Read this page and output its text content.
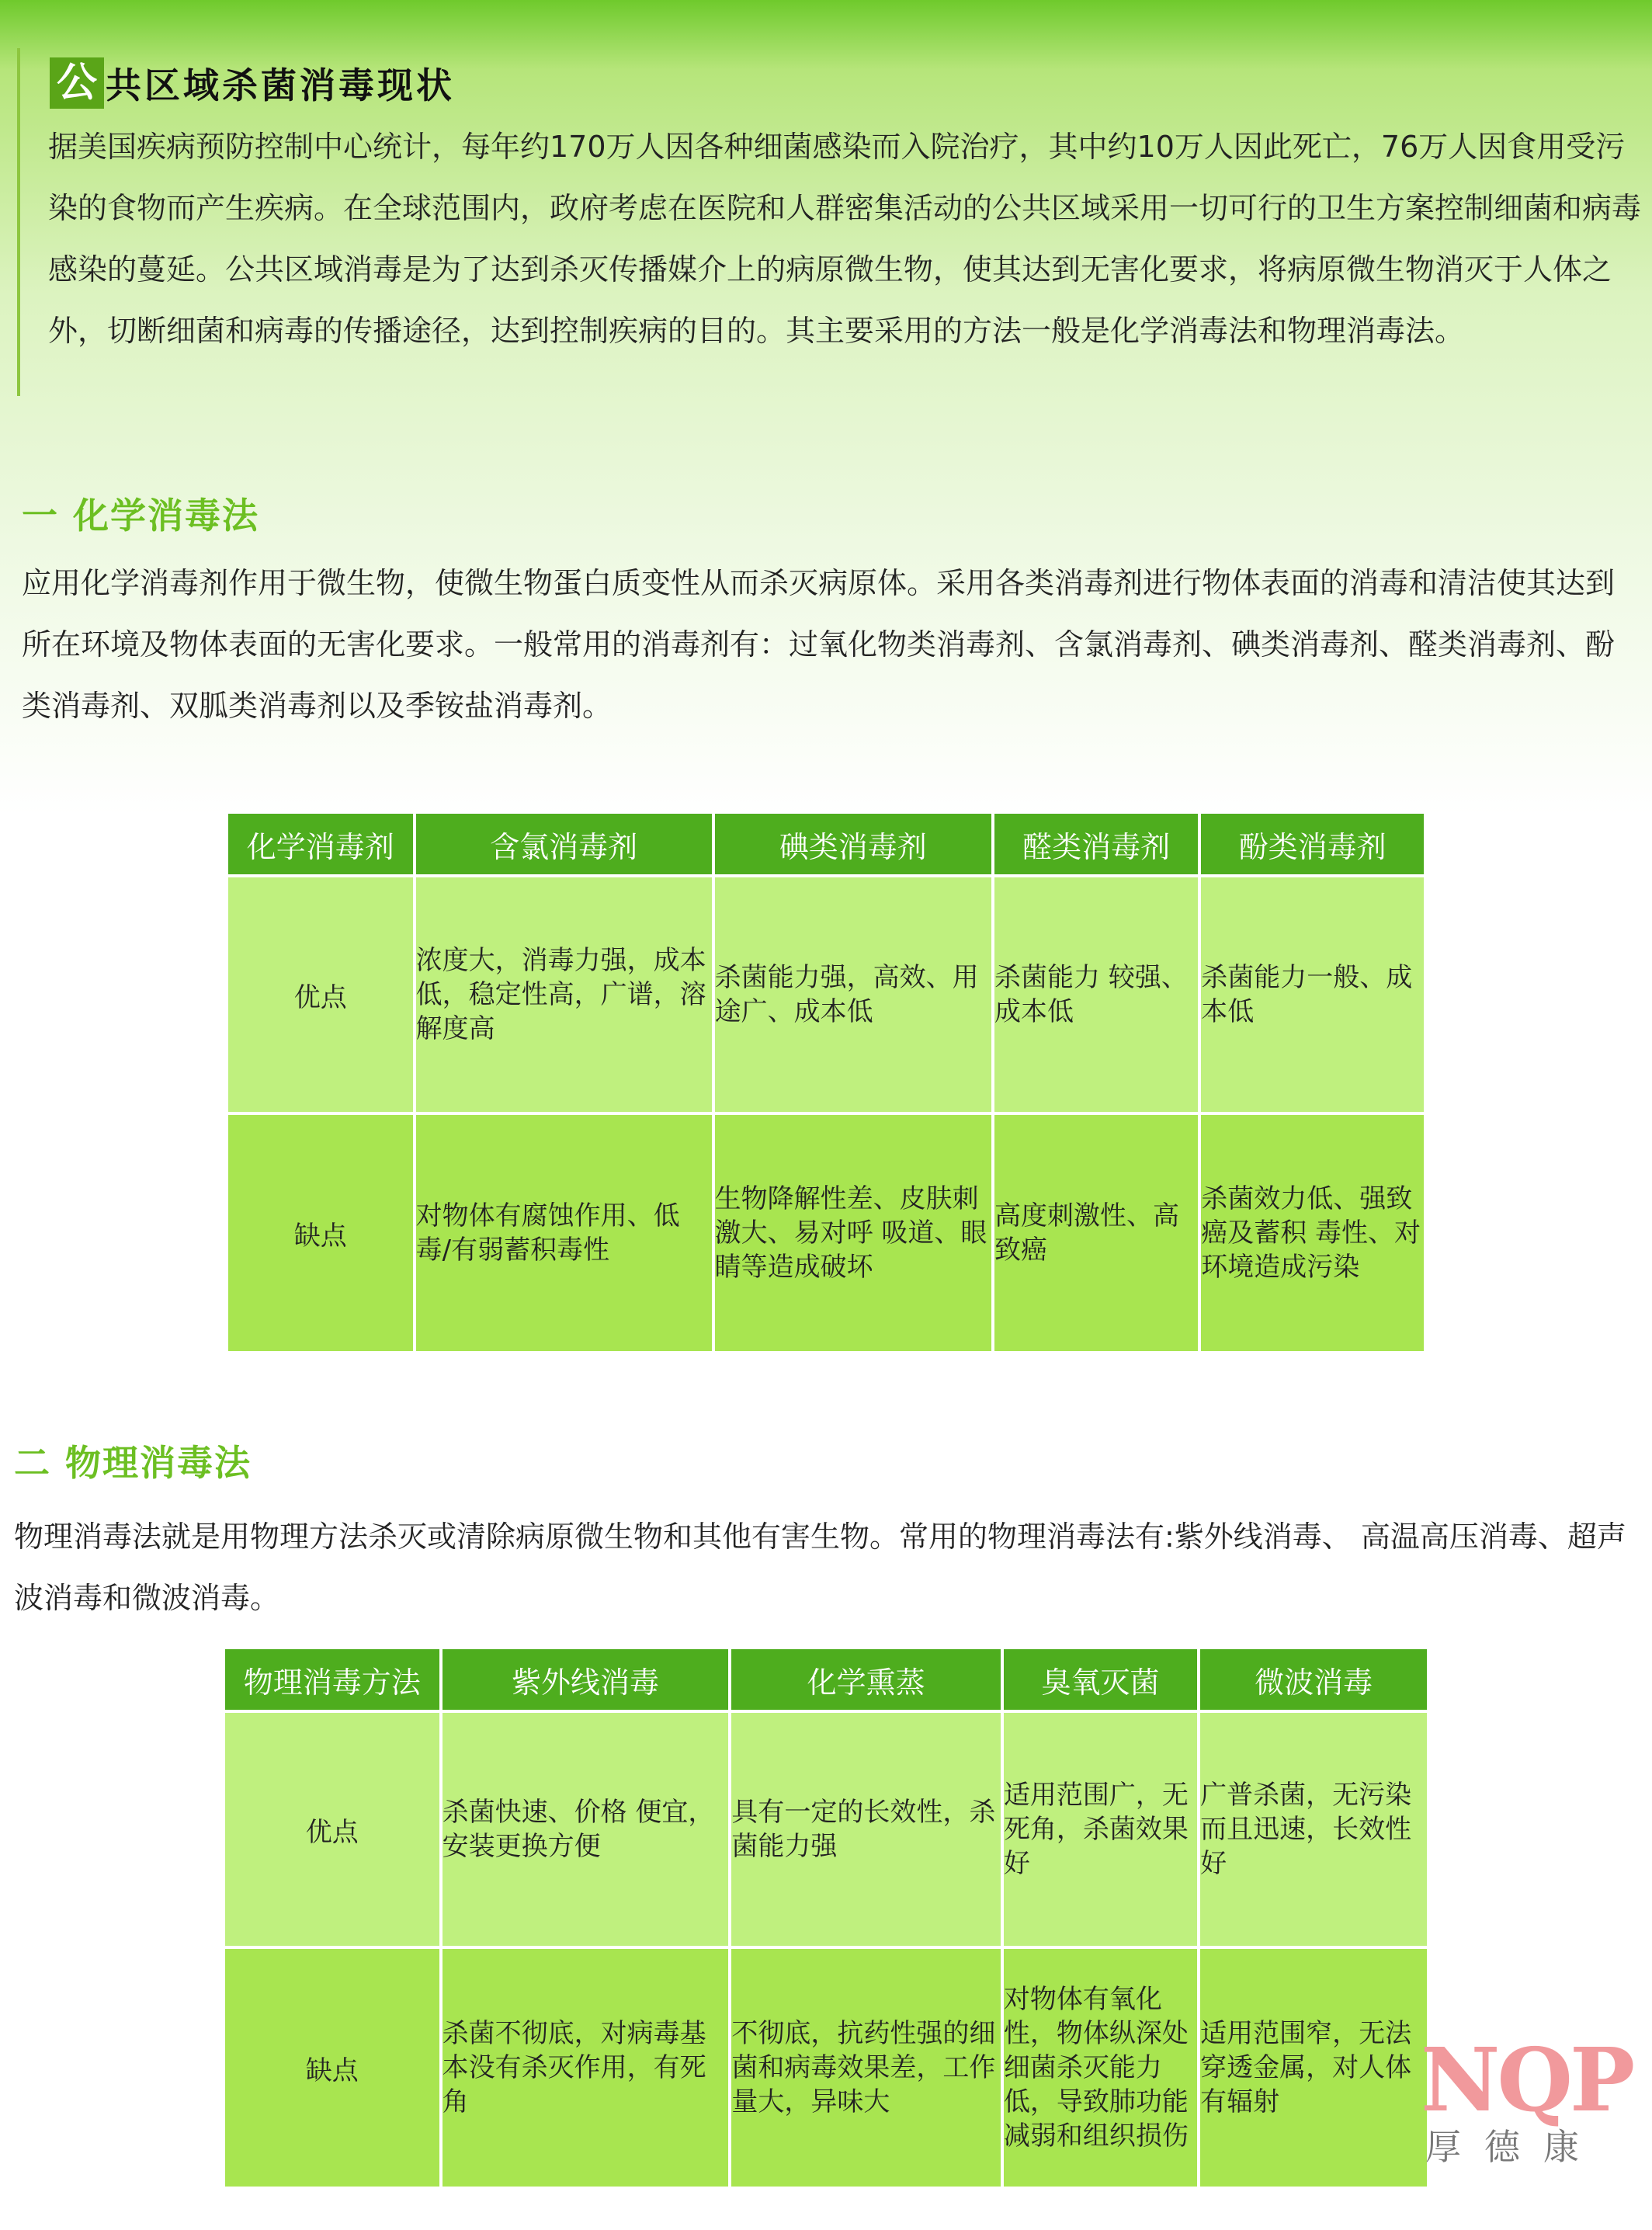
公 共区域杀菌消毒现状
据美国疾病预防控制中心统计，每年约170万人因各种细菌感染而入院治疗，其中约10万人因此死亡，76万人因食用受污染的食物而产生疾病。在全球范围内，政府考虑在医院和人群密集活动的公共区域采用一切可行的卫生方案控制细菌和病毒感染的蔓延。公共区域消毒是为了达到杀灭传播媒介上的病原微生物，使其达到无害化要求，将病原微生物消灭于人体之外，切断细菌和病毒的传播途径，达到控制疾病的目的。其主要采用的方法一般是化学消毒法和物理消毒法。
一 化学消毒法
应用化学消毒剂作用于微生物，使微生物蛋白质变性从而杀灭病原体。采用各类消毒剂进行物体表面的消毒和清洁使其达到所在环境及物体表面的无害化要求。一般常用的消毒剂有：过氧化物类消毒剂、含氯消毒剂、碘类消毒剂、醛类消毒剂、酚类消毒剂、双胍类消毒剂以及季铵盐消毒剂。
化学消毒剂	含氯消毒剂	碘类消毒剂	醛类消毒剂	酚类消毒剂
优点	浓度大，消毒力强，成本低，稳定性高，广谱，溶解度高	杀菌能力强，高效、用途广、成本低	杀菌能力 较强、成本低	杀菌能力一般、成本低
缺点	对物体有腐蚀作用、低毒/有弱蓄积毒性	生物降解性差、皮肤刺激大、易对呼 吸道、眼睛等造成破坏	高度刺激性、高致癌	杀菌效力低、强致癌及蓄积 毒性、对环境造成污染
二 物理消毒法
物理消毒法就是用物理方法杀灭或清除病原微生物和其他有害生物。常用的物理消毒法有:紫外线消毒、 高温高压消毒、超声波消毒和微波消毒。
物理消毒方法	紫外线消毒	化学熏蒸	臭氧灭菌	微波消毒
优点	杀菌快速、价格 便宜，安装更换方便	具有一定的长效性，杀菌能力强	适用范围广，无死角，杀菌效果好	广普杀菌，无污染而且迅速，长效性好
缺点	杀菌不彻底，对病毒基本没有杀灭作用，有死角	不彻底，抗药性强的细菌和病毒效果差，工作量大，异味大	对物体有氧化性，物体纵深处细菌杀灭能力低，导致肺功能减弱和组织损伤	适用范围窄，无法穿透金属，对人体有辐射 NQP
厚德康
